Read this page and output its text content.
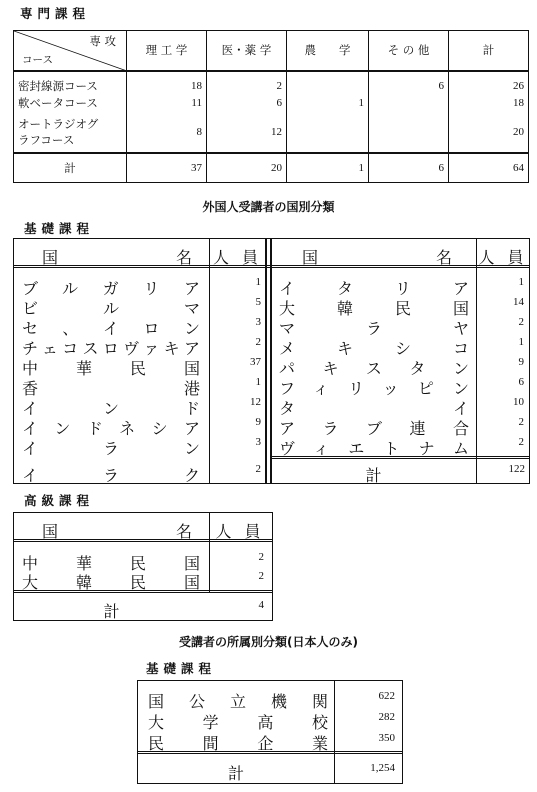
専門課程
専 攻
コース	理 工 学	医・薬 学	農　　学	そ の 他	計
密封線源コース	18	2		6	26
軟ベータコース	11	6	1		18
オートラジオグ
ラフコース	8	12			20
計	37	20	1	6	64
外国人受講者の国別分類
基礎課程
国　名 人 員 国　名 人 員
ブルガリア	1
ビルマ	5
セ、イロン	3
チェコスロヴァキア	2
中華民国	37
香港	1
インド	12
インドネシア	9
イラン	3
イラク	2
イタリア	1
大韓民国	14
マラヤ	2
メキシコ	1
パキスタン	9
フィリッピン	6
タイ	10
アラブ連合	2
ヴィエトナム	2
計	122
高級課程
国　名	人 員
中華民国	2
大韓民国	2
計	4
受講者の所属別分類(日本人のみ)
基礎課程
国公立機関	622
大学高校	282
民間企業	350
計	1,254
